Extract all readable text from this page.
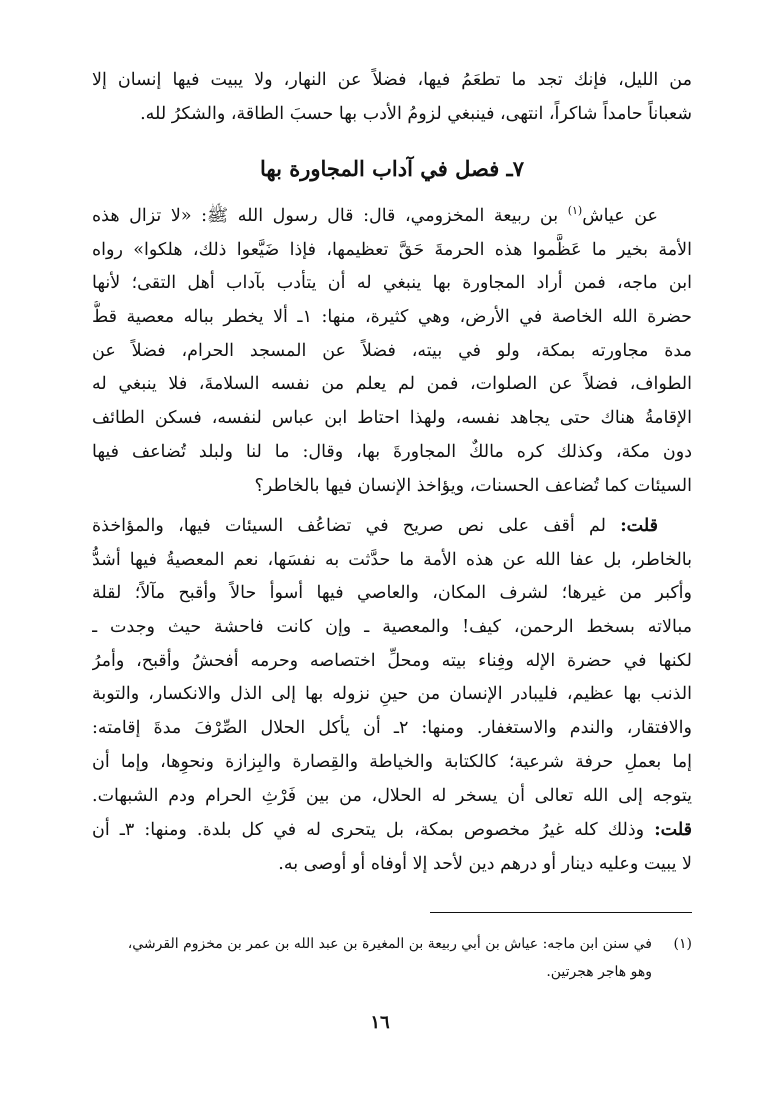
من الليل، فإنك تجد ما تطعَمُ فيها، فضلاً عن النهار، ولا يبيت فيها إنسان إلا
شعباناً حامداً شاكراً، انتهى، فينبغي لزومُ الأدب بها حسبَ الطاقة، والشكرُ لله.
٧ـ فصل في آداب المجاورة بها
عن عياش$^{(١)}$ بن ربيعة المخزومي، قال: قال رسول الله ﷺ: «لا تزال هذه
الأمة بخير ما عَظَّموا هذه الحرمةَ حَقَّ تعظيمها، فإذا ضَيَّعوا ذلك، هلكوا» رواه
ابن ماجه، فمن أراد المجاورة بها ينبغي له أن يتأدب بآداب أهل التقى؛ لأنها
حضرة الله الخاصة في الأرض، وهي كثيرة، منها: ١ـ ألا يخطر بباله معصية قطُّ
مدة مجاورته بمكة، ولو في بيته، فضلاً عن المسجد الحرام، فضلاً عن
الطواف، فضلاً عن الصلوات، فمن لم يعلم من نفسه السلامةَ، فلا ينبغي له
الإقامةُ هناك حتى يجاهد نفسه، ولهذا احتاط ابن عباس لنفسه، فسكن الطائف
دون مكة، وكذلك كره مالكٌ المجاورةَ بها، وقال: ما لنا ولبلد تُضاعف فيها
السيئات كما تُضاعف الحسنات، ويؤاخذ الإنسان فيها بالخاطر؟
قلت: لم أقف على نص صريح في تضاعُف السيئات فيها، والمؤاخذة
بالخاطر، بل عفا الله عن هذه الأمة ما حدَّثت به نفسَها، نعم المعصيةُ فيها أشدُّ
وأكبر من غيرها؛ لشرف المكان، والعاصي فيها أسوأ حالاً وأقبح مآلاً؛ لقلة
مبالاته بسخط الرحمن، كيف! والمعصية ـ وإن كانت فاحشة حيث وجدت ـ
لكنها في حضرة الإله وفِناء بيته ومحلِّ اختصاصه وحرمه أفحشُ وأقبح، وأمرُ
الذنب بها عظيم، فليبادر الإنسان من حينِ نزوله بها إلى الذل والانكسار، والتوبة
والافتقار، والندم والاستغفار. ومنها: ٢ـ أن يأكل الحلال الصِّرْفَ مدةَ إقامته:
إما بعملِ حرفة شرعية؛ كالكتابة والخياطة والقِصارة والبِزازة ونحوِها، وإما أن
يتوجه إلى الله تعالى أن يسخر له الحلال، من بين فَرْثِ الحرام ودم الشبهات.
قلت: وذلك كله غيرُ مخصوص بمكة، بل يتحرى له في كل بلدة. ومنها: ٣ـ أن
لا يبيت وعليه دينار أو درهم دين لأحد إلا أوفاه أو أوصى به.
(١)في سنن ابن ماجه: عياش بن أبي ربيعة بن المغيرة بن عبد الله بن عمر بن مخزوم القرشي،
وهو هاجر هجرتين.
١٦
